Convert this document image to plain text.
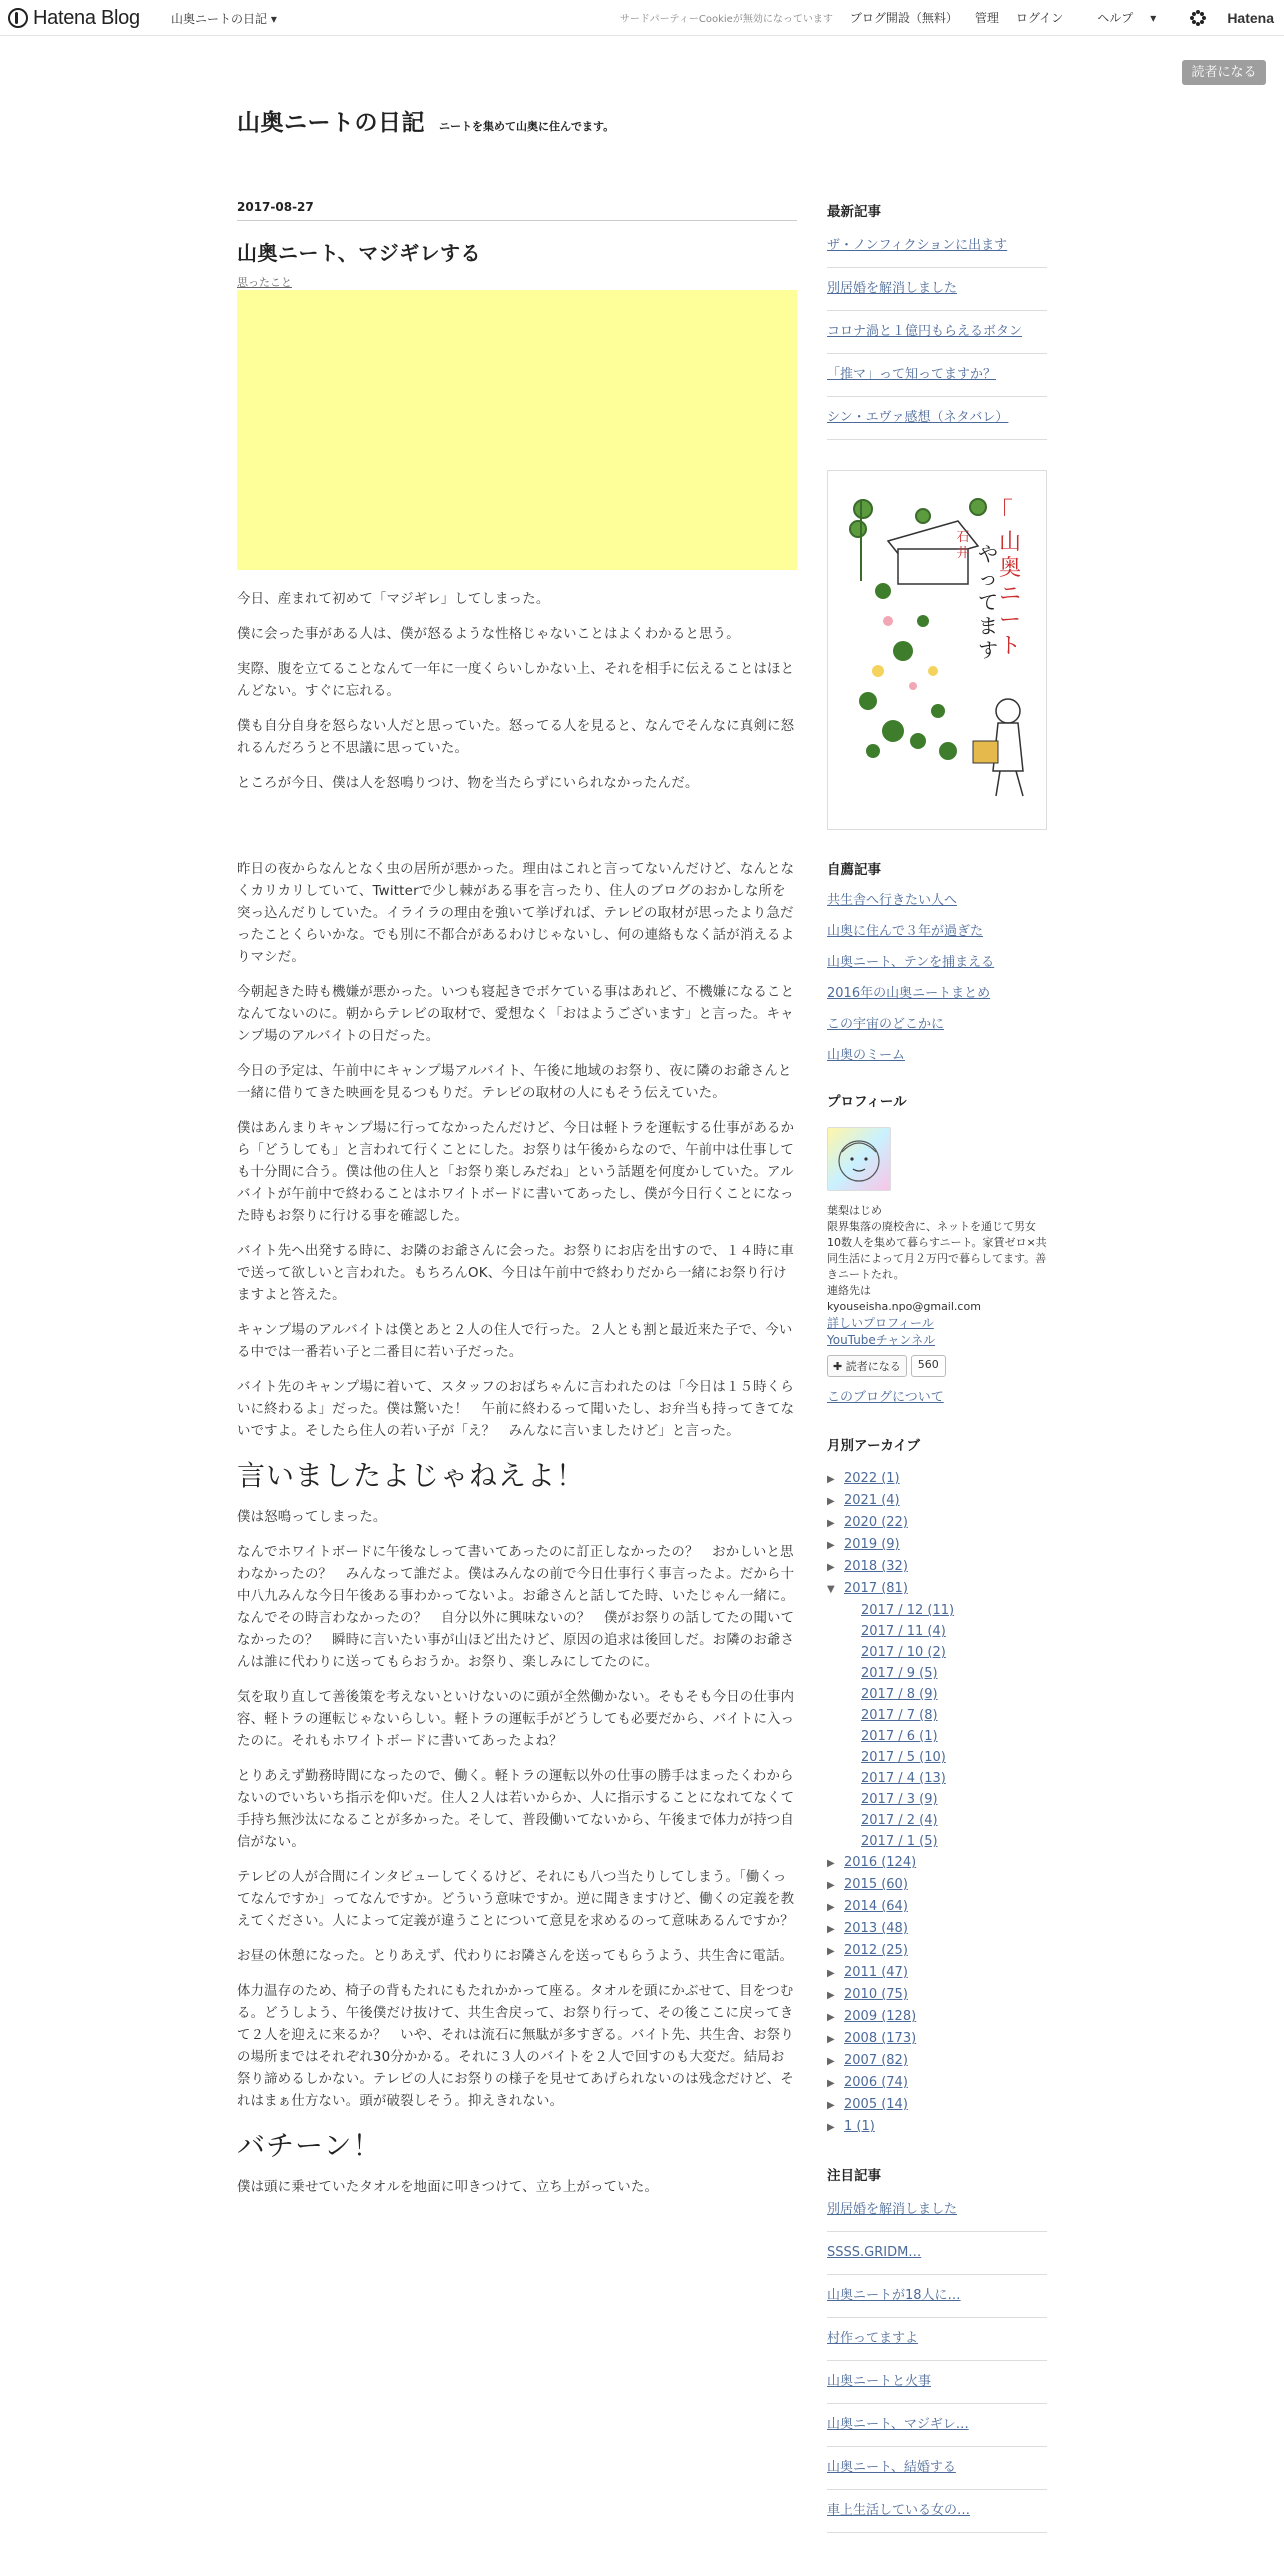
Hatena Blog	山奥ニートの日記 ▾	サードパーティーCookieが無効になっています ブログ開設（無料） 管理 ログイン	ヘルプ ▾	Hatena
読者になる
山奥ニートの日記 ニートを集めて山奥に住んでます。
2017-08-27
山奥ニート、マジギレする
思ったこと

今日、産まれて初めて「マジギレ」してしまった。

僕に会った事がある人は、僕が怒るような性格じゃないことはよくわかると思う。

実際、腹を立てることなんて一年に一度くらいしかない上、それを相手に伝えることはほとんどない。すぐに忘れる。

僕も自分自身を怒らない人だと思っていた。怒ってる人を見ると、なんでそんなに真剣に怒れるんだろうと不思議に思っていた。

ところが今日、僕は人を怒鳴りつけ、物を当たらずにいられなかったんだ。

昨日の夜からなんとなく虫の居所が悪かった。理由はこれと言ってないんだけど、なんとなくカリカリしていて、Twitterで少し棘がある事を言ったり、住人のブログのおかしな所を突っ込んだりしていた。イライラの理由を強いて挙げれば、テレビの取材が思ったより急だったことくらいかな。でも別に不都合があるわけじゃないし、何の連絡もなく話が消えるよりマシだ。

今朝起きた時も機嫌が悪かった。いつも寝起きでボケている事はあれど、不機嫌になることなんてないのに。朝からテレビの取材で、愛想なく「おはようございます」と言った。キャンプ場のアルバイトの日だった。

今日の予定は、午前中にキャンプ場アルバイト、午後に地域のお祭り、夜に隣のお爺さんと一緒に借りてきた映画を見るつもりだ。テレビの取材の人にもそう伝えていた。

僕はあんまりキャンプ場に行ってなかったんだけど、今日は軽トラを運転する仕事があるから「どうしても」と言われて行くことにした。お祭りは午後からなので、午前中は仕事しても十分間に合う。僕は他の住人と「お祭り楽しみだね」という話題を何度かしていた。アルバイトが午前中で終わることはホワイトボードに書いてあったし、僕が今日行くことになった時もお祭りに行ける事を確認した。

バイト先へ出発する時に、お隣のお爺さんに会った。お祭りにお店を出すので、１４時に車で送って欲しいと言われた。もちろんOK、今日は午前中で終わりだから一緒にお祭り行けますよと答えた。

キャンプ場のアルバイトは僕とあと２人の住人で行った。２人とも割と最近来た子で、今いる中では一番若い子と二番目に若い子だった。

バイト先のキャンプ場に着いて、スタッフのおばちゃんに言われたのは「今日は１５時くらいに終わるよ」だった。僕は驚いた！　午前に終わるって聞いたし、お弁当も持ってきてないですよ。そしたら住人の若い子が「え？　みんなに言いましたけど」と言った。

言いましたよじゃねえよ！

僕は怒鳴ってしまった。

なんでホワイトボードに午後なしって書いてあったのに訂正しなかったの？　おかしいと思わなかったの？　みんなって誰だよ。僕はみんなの前で今日仕事行く事言ったよ。だから十中八九みんな今日午後ある事わかってないよ。お爺さんと話してた時、いたじゃん一緒に。なんでその時言わなかったの？　自分以外に興味ないの？　僕がお祭りの話してたの聞いてなかったの？　瞬時に言いたい事が山ほど出たけど、原因の追求は後回しだ。お隣のお爺さんは誰に代わりに送ってもらおうか。お祭り、楽しみにしてたのに。

気を取り直して善後策を考えないといけないのに頭が全然働かない。そもそも今日の仕事内容、軽トラの運転じゃないらしい。軽トラの運転手がどうしても必要だから、バイトに入ったのに。それもホワイトボードに書いてあったよね？

とりあえず勤務時間になったので、働く。軽トラの運転以外の仕事の勝手はまったくわからないのでいちいち指示を仰いだ。住人２人は若いからか、人に指示することになれてなくて手持ち無沙汰になることが多かった。そして、普段働いてないから、午後まで体力が持つ自信がない。

テレビの人が合間にインタビューしてくるけど、それにも八つ当たりしてしまう。「働くってなんですか」ってなんですか。どういう意味ですか。逆に聞きますけど、働くの定義を教えてください。人によって定義が違うことについて意見を求めるのって意味あるんですか？

お昼の休憩になった。とりあえず、代わりにお隣さんを送ってもらうよう、共生舎に電話。

体力温存のため、椅子の背もたれにもたれかかって座る。タオルを頭にかぶせて、目をつむる。どうしよう、午後僕だけ抜けて、共生舎戻って、お祭り行って、その後ここに戻ってきて２人を迎えに来るか？　いや、それは流石に無駄が多すぎる。バイト先、共生舎、お祭りの場所まではそれぞれ30分かかる。それに３人のバイトを２人で回すのも大変だ。結局お祭り諦めるしかない。テレビの人にお祭りの様子を見せてあげられないのは残念だけど、それはまぁ仕方ない。頭が破裂しそう。抑えきれない。

バチーン！

僕は頭に乗せていたタオルを地面に叩きつけて、立ち上がっていた。

最新記事
ザ・ノンフィクションに出ます
別居婚を解消しました
コロナ渦と１億円もらえるボタン
「推マ」って知ってますか？
シン・エヴァ感想（ネタバレ）
「
山
奥
ニ
ー
ト
や
っ
て
ま
す
石
井
自薦記事
共生舎へ行きたい人へ
山奥に住んで３年が過ぎた
山奥ニート、テンを捕まえる
2016年の山奥ニートまとめ
この宇宙のどこかに
山奥のミーム
プロフィール
葉梨はじめ
限界集落の廃校舎に、ネットを通じて男女10数人を集めて暮らすニート。家賃ゼロ×共同生活によって月２万円で暮らしてます。善きニートたれ。
連絡先は
kyouseisha.npo@gmail.com
詳しいプロフィール
YouTubeチャンネル
✚ 読者になる	560
このブログについて
月別アーカイブ
▶ 2022 (1)
▶ 2021 (4)
▶ 2020 (22)
▶ 2019 (9)
▶ 2018 (32)
▼ 2017 (81)
2017 / 12 (11)
2017 / 11 (4)
2017 / 10 (2)
2017 / 9 (5)
2017 / 8 (9)
2017 / 7 (8)
2017 / 6 (1)
2017 / 5 (10)
2017 / 4 (13)
2017 / 3 (9)
2017 / 2 (4)
2017 / 1 (5)
▶ 2016 (124)
▶ 2015 (60)
▶ 2014 (64)
▶ 2013 (48)
▶ 2012 (25)
▶ 2011 (47)
▶ 2010 (75)
▶ 2009 (128)
▶ 2008 (173)
▶ 2007 (82)
▶ 2006 (74)
▶ 2005 (14)
▶ 1 (1)
注目記事
別居婚を解消しました
SSSS.GRIDM…
山奥ニートが18人に…
村作ってますよ
山奥ニートと火事
山奥ニート、マジギレ…
山奥ニート、結婚する
車上生活している女の…
